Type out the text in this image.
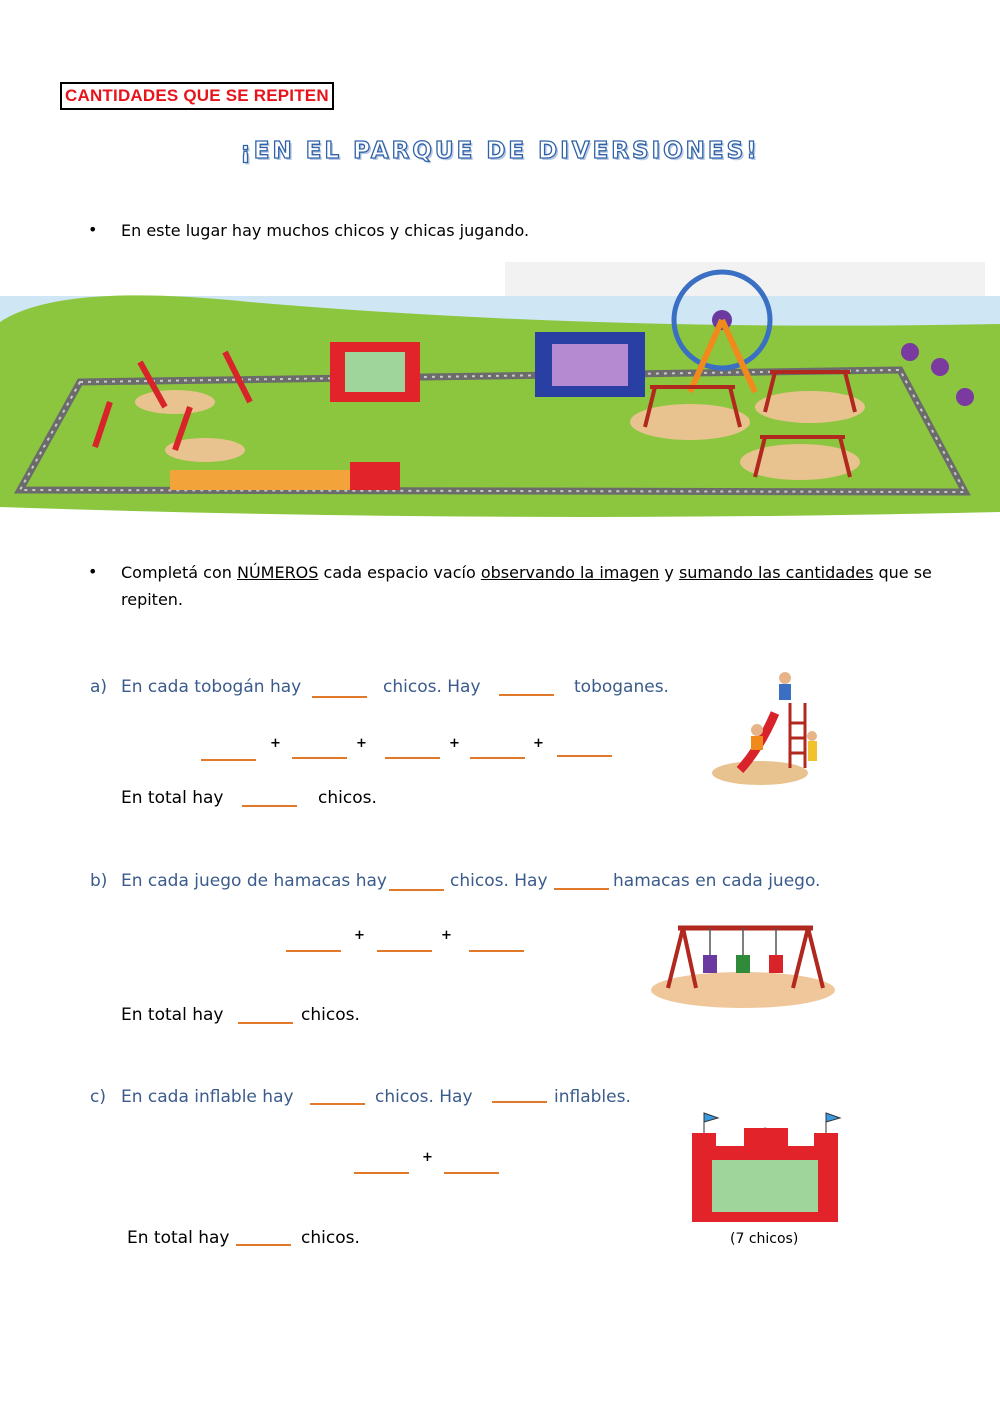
CANTIDADES QUE SE REPITEN
¡EN EL PARQUE DE DIVERSIONES!
• En este lugar hay muchos chicos y chicas jugando.
• Completá con NÚMEROS cada espacio vacío observando la imagen y sumando las cantidades que se
repiten.
a) En cada tobogán hay	chicos. Hay	toboganes.
+	+	+	+
En total hay	chicos.
b) En cada juego de hamacas hay	chicos. Hay	hamacas en cada juego.
+	+
En total hay	chicos.
c) En cada inflable hay	chicos. Hay	inflables.
+
En total hay	chicos.	(7 chicos)
